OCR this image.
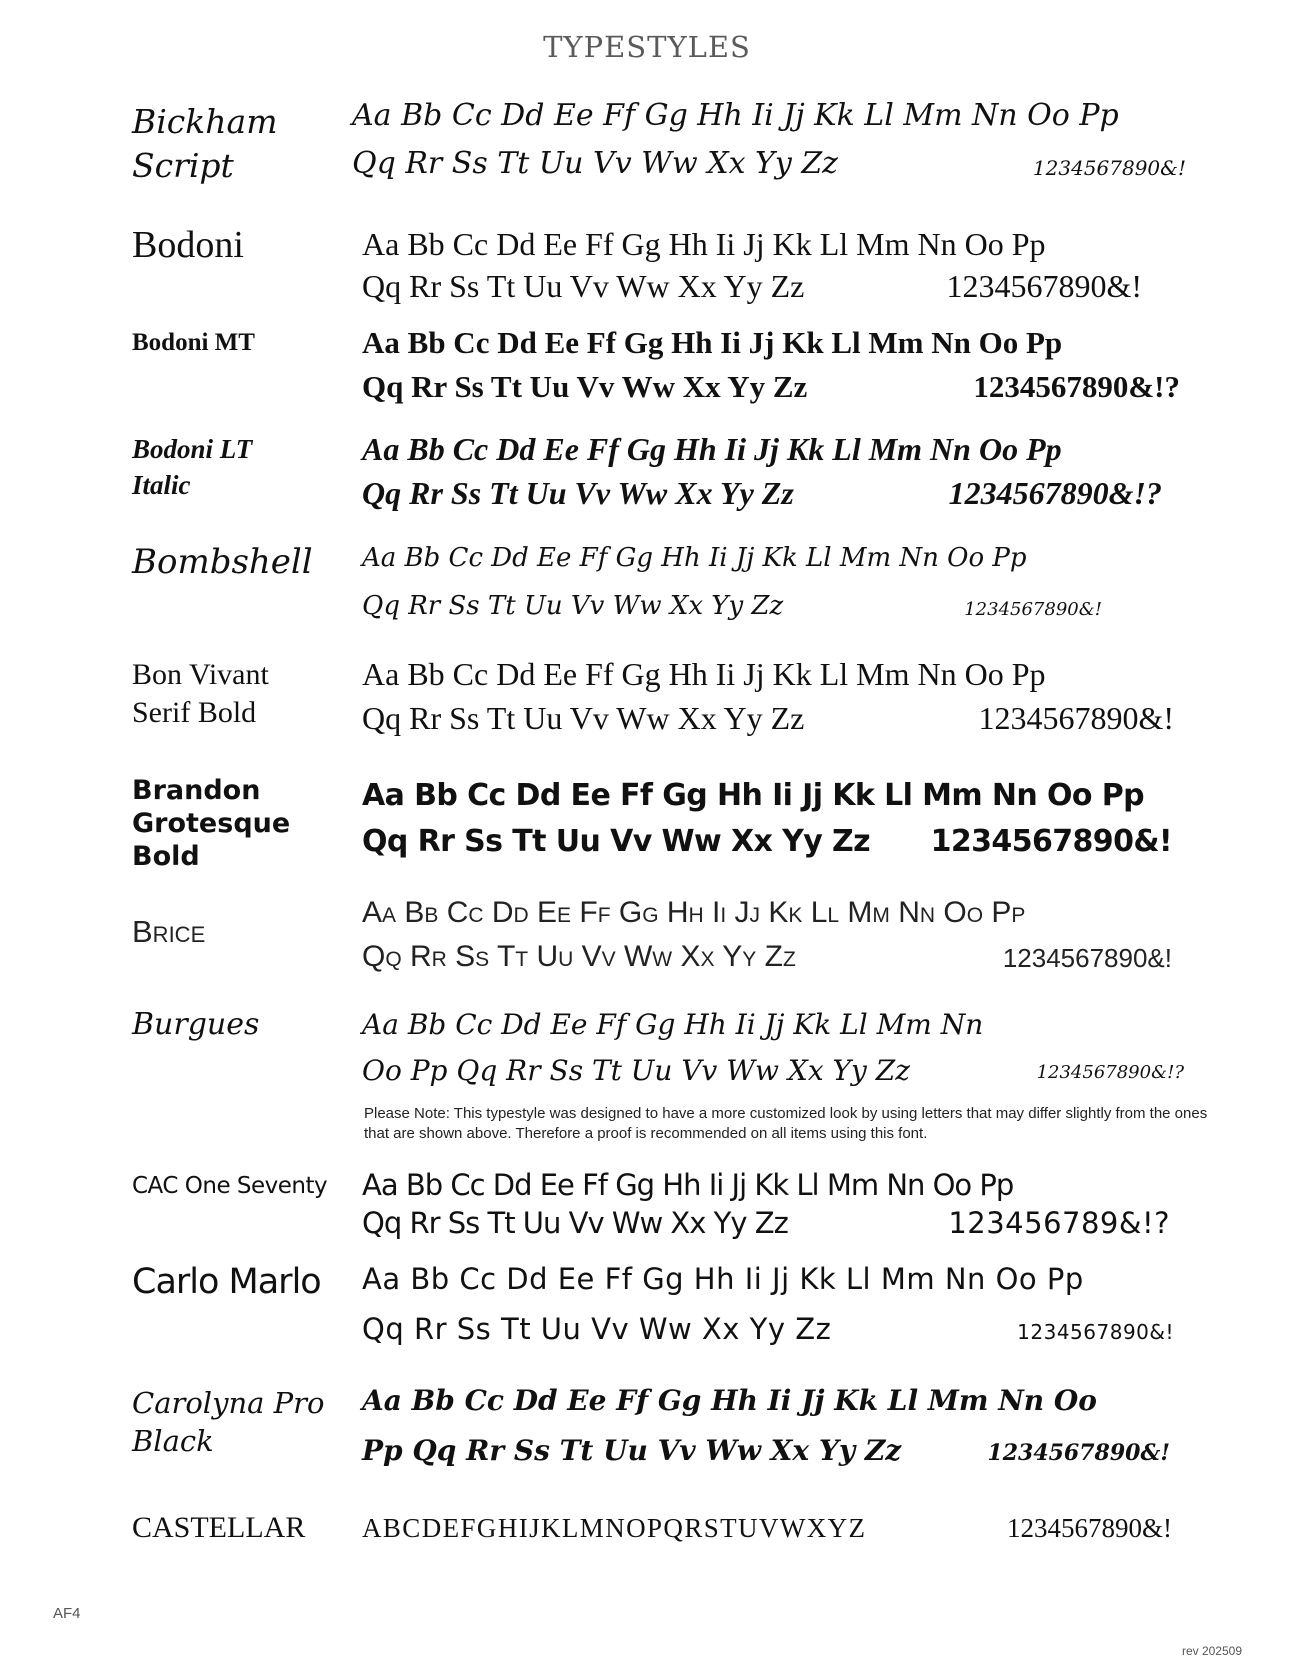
TYPESTYLES
Bickham
Script
Aa Bb Cc Dd Ee Ff Gg Hh Ii Jj Kk Ll Mm Nn Oo Pp
Qq Rr Ss Tt Uu Vv Ww Xx Yy Zz	1234567890&!
Bodoni	Aa Bb Cc Dd Ee Ff Gg Hh Ii Jj Kk Ll Mm Nn Oo Pp
Qq Rr Ss Tt Uu Vv Ww Xx Yy Zz	1234567890&!
Bodoni MT	Aa Bb Cc Dd Ee Ff Gg Hh Ii Jj Kk Ll Mm Nn Oo Pp
Qq Rr Ss Tt Uu Vv Ww Xx Yy Zz	1234567890&!?
Bodoni LT
Italic
Aa Bb Cc Dd Ee Ff Gg Hh Ii Jj Kk Ll Mm Nn Oo Pp
Qq Rr Ss Tt Uu Vv Ww Xx Yy Zz	1234567890&!?
Bombshell	Aa Bb Cc Dd Ee Ff Gg Hh Ii Jj Kk Ll Mm Nn Oo Pp
Qq Rr Ss Tt Uu Vv Ww Xx Yy Zz	1234567890&!
Bon Vivant
Serif Bold
Aa Bb Cc Dd Ee Ff Gg Hh Ii Jj Kk Ll Mm Nn Oo Pp
Qq Rr Ss Tt Uu Vv Ww Xx Yy Zz	1234567890&!
Brandon
Grotesque
Bold
Aa Bb Cc Dd Ee Ff Gg Hh Ii Jj Kk Ll Mm Nn Oo Pp
Qq Rr Ss Tt Uu Vv Ww Xx Yy Zz 1234567890&!
Brice
Aa Bb Cc Dd Ee Ff Gg Hh Ii Jj Kk Ll Mm Nn Oo Pp
Qq Rr Ss Tt Uu Vv Ww Xx Yy Zz	1234567890&!
Burgues	Aa Bb Cc Dd Ee Ff Gg Hh Ii Jj Kk Ll Mm Nn
Oo Pp Qq Rr Ss Tt Uu Vv Ww Xx Yy Zz	1234567890&!?
Please Note: This typestyle was designed to have a more customized look by using letters that may differ slightly from the ones that are shown above. Therefore a proof is recommended on all items using this font.
CAC One Seventy	Aa Bb Cc Dd Ee Ff Gg Hh Ii Jj Kk Ll Mm Nn Oo Pp
Qq Rr Ss Tt Uu Vv Ww Xx Yy Zz	123456789&!?
Carlo Marlo	Aa Bb Cc Dd Ee Ff Gg Hh Ii Jj Kk Ll Mm Nn Oo Pp
Qq Rr Ss Tt Uu Vv Ww Xx Yy Zz	1234567890&!
Carolyna Pro
Black
Aa Bb Cc Dd Ee Ff Gg Hh Ii Jj Kk Ll Mm Nn Oo
Pp Qq Rr Ss Tt Uu Vv Ww Xx Yy Zz	1234567890&!
CASTELLAR	ABCDEFGHIJKLMNOPQRSTUVWXYZ	1234567890&!
AF4
rev 202509
